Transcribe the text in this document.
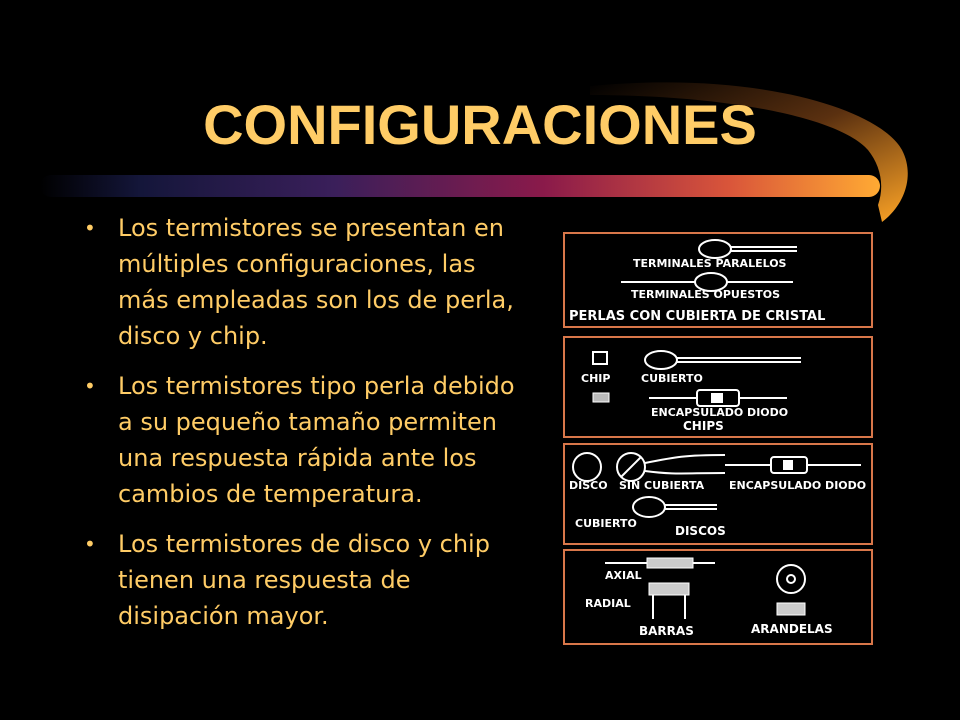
CONFIGURACIONES
• Los termistores se presentan en múltiples configuraciones, las más empleadas son los de perla, disco y chip.
• Los termistores tipo perla debido a su pequeño tamaño permiten una respuesta rápida ante los cambios de temperatura.
• Los termistores de disco y chip tienen una respuesta de disipación mayor.
TERMINALES PARALELOS
TERMINALES OPUESTOS
PERLAS CON CUBIERTA DE CRISTAL
CHIP	CUBIERTO
ENCAPSULADO DIODO
CHIPS
DISCO SIN CUBIERTA ENCAPSULADO DIODO
CUBIERTO
DISCOS
AXIAL
RADIAL
BARRAS	ARANDELAS
